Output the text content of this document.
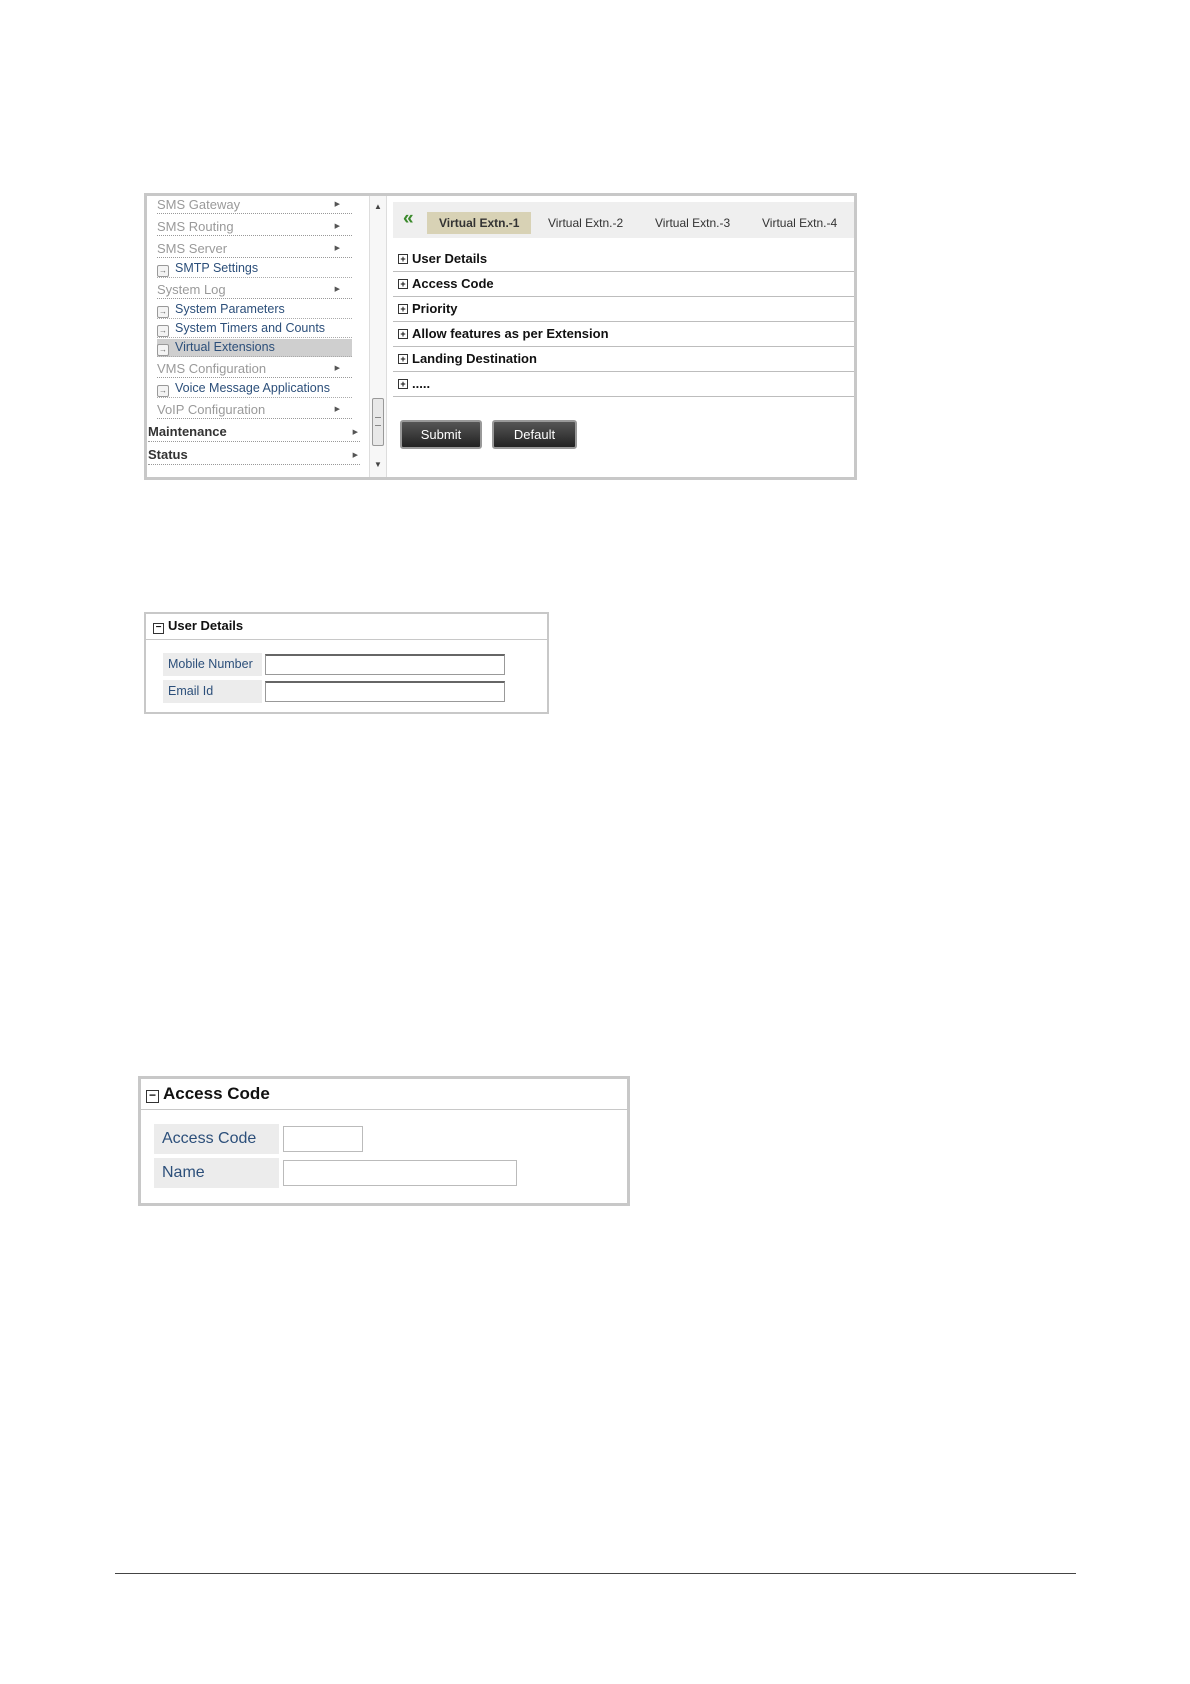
SMS Gateway	▶
SMS Routing	▶
SMS Server	▶
→ SMTP Settings
System Log	▶
→ System Parameters
→ System Timers and Counts
→ Virtual Extensions
VMS Configuration	▶
→ Voice Message Applications
VoIP Configuration	▶
Maintenance	▶
Status	▶
▲
▼
«	Virtual Extn.-1	Virtual Extn.-2	Virtual Extn.-3	Virtual Extn.-4
+ User Details
+ Access Code
+ Priority
+ Allow features as per Extension
+ Landing Destination
+ .....
Submit	Default
− User Details
Mobile Number
Email Id
− Access Code
Access Code
Name
